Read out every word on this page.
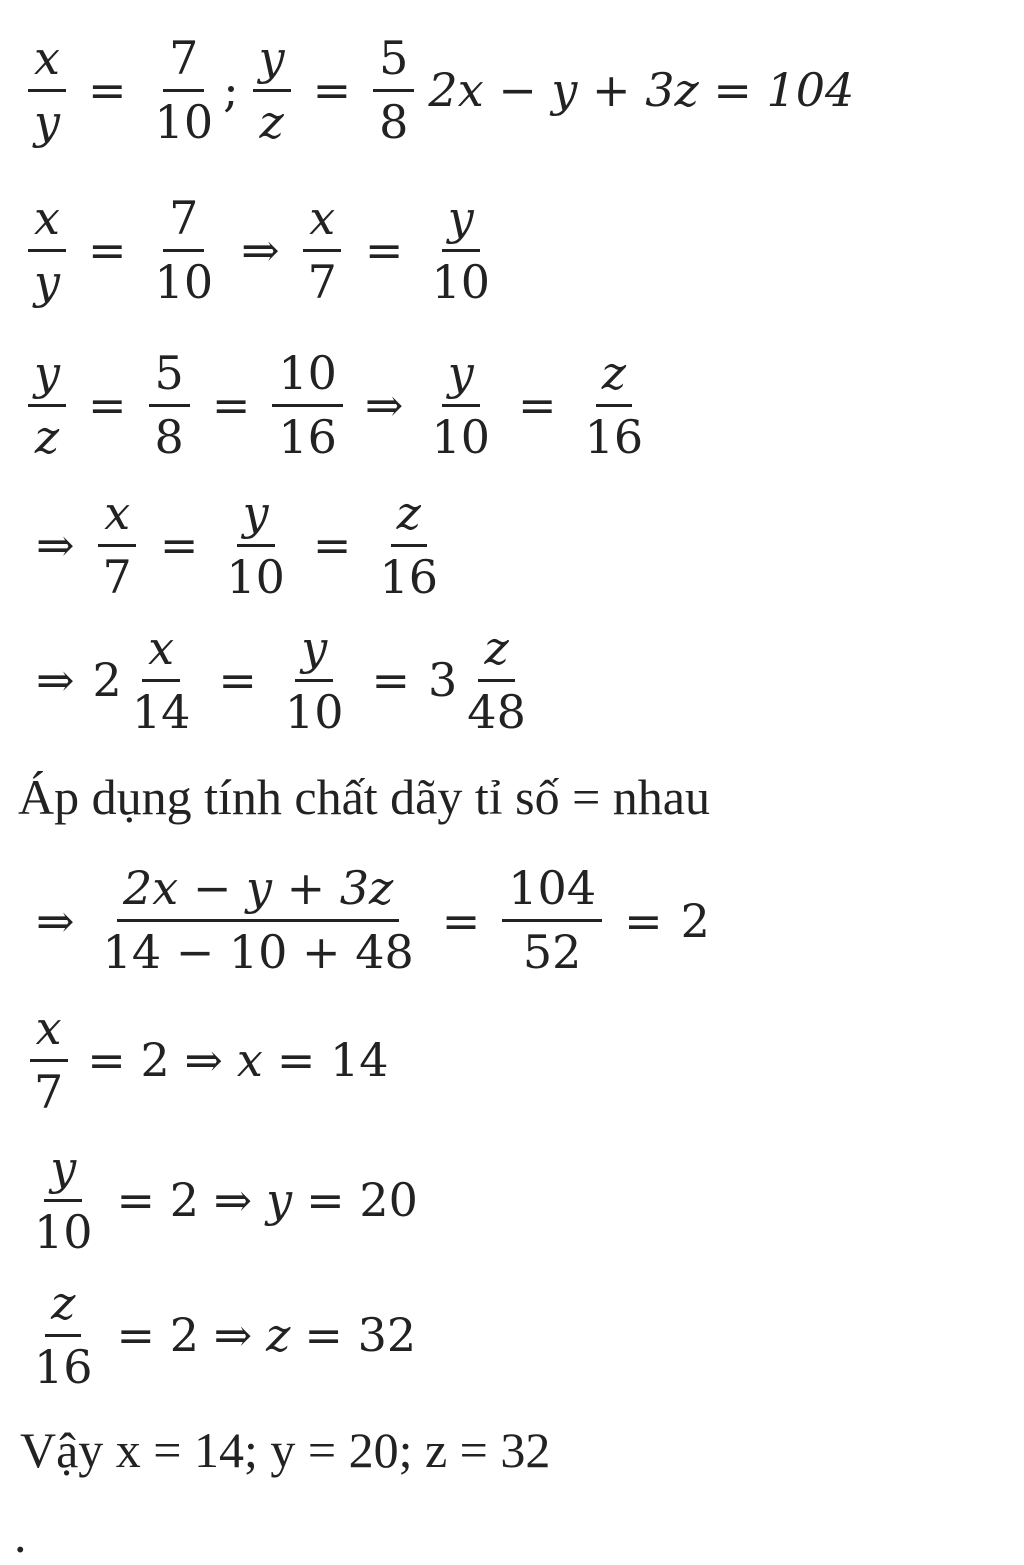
$\frac{x}{y} = \frac{7}{10}$ ; $\frac{y}{z} = \frac{5}{8} 2x - y + 3z = 104$
$\frac{x}{y} = \frac{7}{10}$ ⇒ $\frac{x}{7} = \frac{y}{10}$
$\frac{y}{z} = \frac{5}{8} = \frac{10}{16}$ ⇒ $\frac{y}{10} = \frac{z}{16}$
⇒ $\frac{x}{7} = \frac{y}{10} = \frac{z}{16}$
⇒ $2 \frac{x}{14} = \frac{y}{10} = 3 \frac{z}{48}$
Áp dụng tính chất dãy tỉ số = nhau
⇒ $\frac{2x - y + 3z}{14 - 10 + 48} = \frac{104}{52} = 2$
$\frac{x}{7} = 2$ ⇒ x = 14
$\frac{y}{10} = 2$ ⇒ y = 20
$\frac{z}{16} = 2$ ⇒ z = 32
Vậy x = 14; y = 20; z = 32
.
